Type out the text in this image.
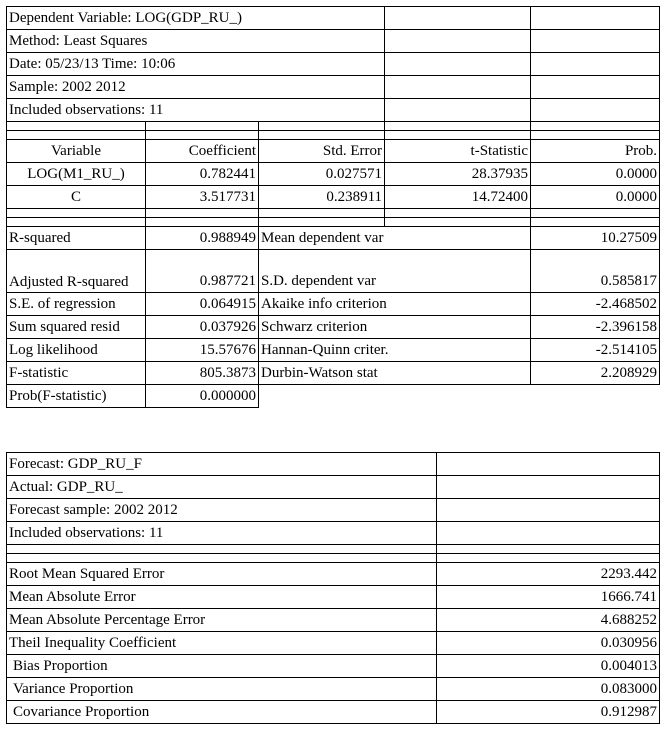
Dependent Variable: LOG(GDP_RU_)				
Method: Least Squares				
Date: 05/23/13 Time: 10:06				
Sample: 2002 2012				
Included observations: 11				

Variable	Coefficient	Std. Error	t-Statistic	Prob.
LOG(M1_RU_)	0.782441	0.027571	28.37935	0.0000
C	3.517731	0.238911	14.72400	0.0000

R-squared	0.988949	Mean dependent var		10.27509
Adjusted R-squared	0.987721	S.D. dependent var		0.585817
S.E. of regression	0.064915	Akaike info criterion		-2.468502
Sum squared resid	0.037926	Schwarz criterion		-2.396158
Log likelihood	15.57676	Hannan-Quinn criter.		-2.514105
F-statistic	805.3873	Durbin-Watson stat		2.208929
Prob(F-statistic)	0.000000			
Forecast: GDP_RU_F	
Actual: GDP_RU_	
Forecast sample: 2002 2012	
Included observations: 11	

Root Mean Squared Error	2293.442
Mean Absolute Error	1666.741
Mean Absolute Percentage Error	4.688252
Theil Inequality Coefficient	0.030956
Bias Proportion	0.004013
Variance Proportion	0.083000
Covariance Proportion	0.912987
